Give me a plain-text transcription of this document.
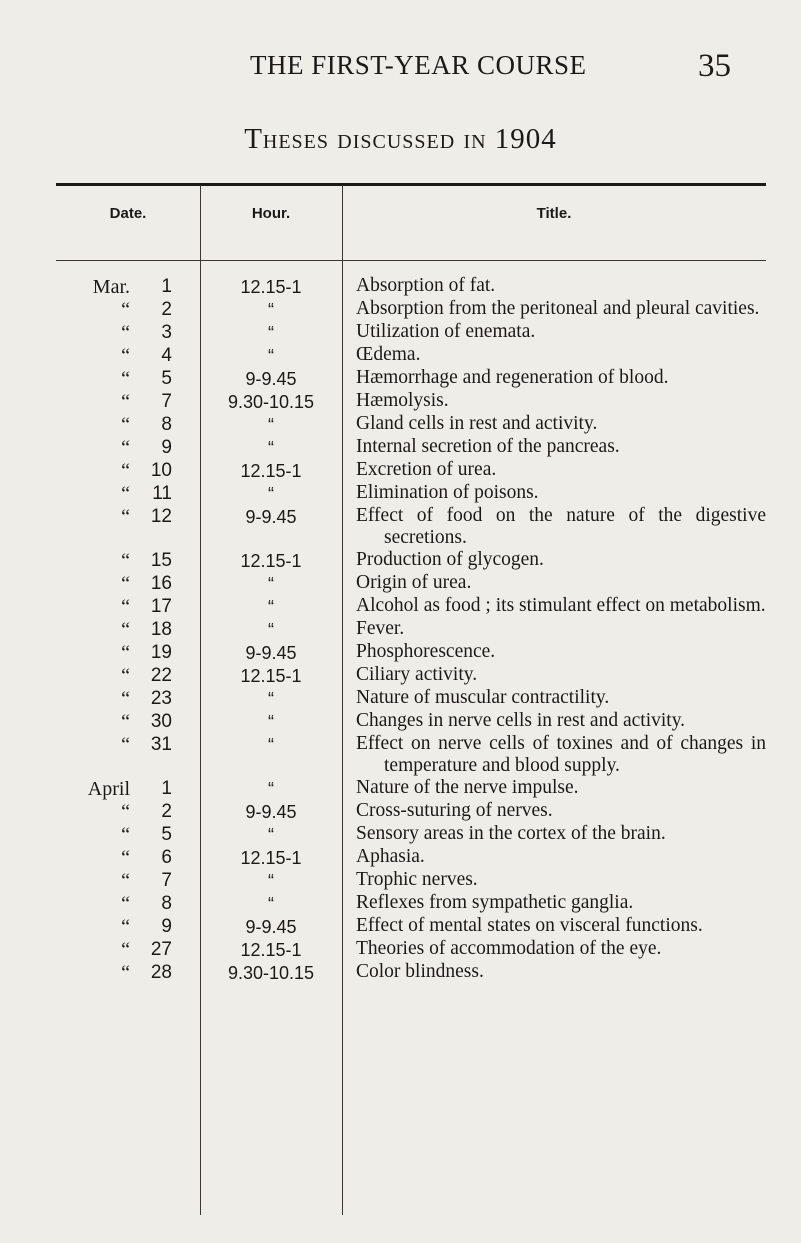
THE FIRST-YEAR COURSE	35
Theses discussed in 1904
Date.	Hour.	Title.
Mar.	1	12.15-1	Absorption of fat.
“	2	“	Absorption from the peritoneal and pleural cavities.
“	3	“	Utilization of enemata.
“	4	“	Œdema.
“	5	9-9.45	Hæmorrhage and regeneration of blood.
“	7	9.30-10.15	Hæmolysis.
“	8	“	Gland cells in rest and activity.
“	9	“	Internal secretion of the pancreas.
“	10	12.15-1	Excretion of urea.
“	11	“	Elimination of poisons.
“	12	9-9.45	Effect of food on the nature of the digestive secretions.
“	15	12.15-1	Production of glycogen.
“	16	“	Origin of urea.
“	17	“	Alcohol as food ; its stimulant effect on metabolism.
“	18	“	Fever.
“	19	9-9.45	Phosphorescence.
“	22	12.15-1	Ciliary activity.
“	23	“	Nature of muscular contractility.
“	30	“	Changes in nerve cells in rest and activity.
“	31	“	Effect on nerve cells of toxines and of changes in temperature and blood supply.
April	1	“	Nature of the nerve impulse.
“	2	9-9.45	Cross-suturing of nerves.
“	5	“	Sensory areas in the cortex of the brain.
“	6	12.15-1	Aphasia.
“	7	“	Trophic nerves.
“	8	“	Reflexes from sympathetic ganglia.
“	9	9-9.45	Effect of mental states on visceral functions.
“	27	12.15-1	Theories of accommodation of the eye.
“	28	9.30-10.15	Color blindness.
